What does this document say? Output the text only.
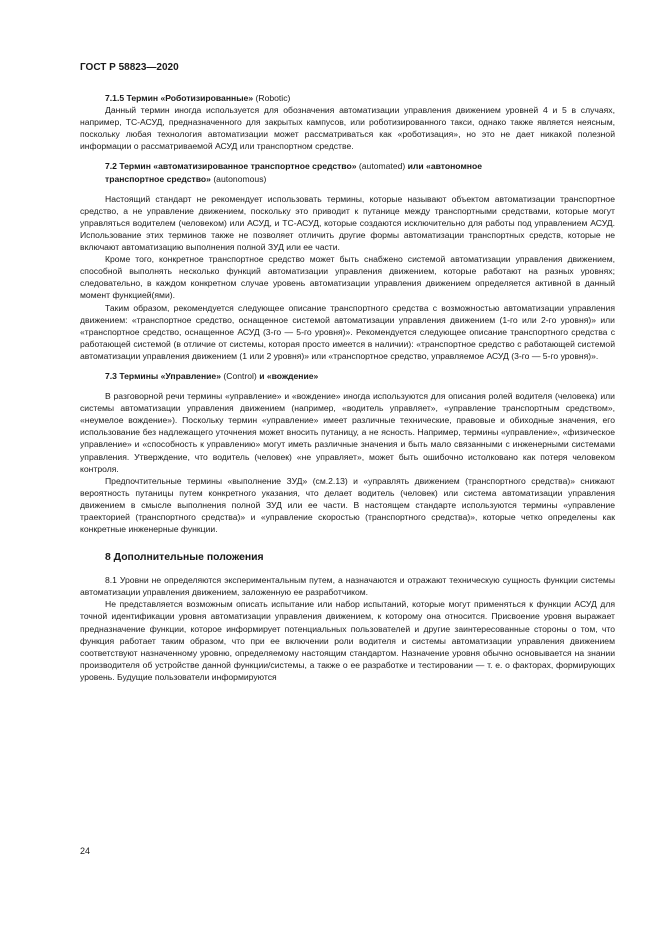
ГОСТ Р 58823—2020
7.1.5 Термин «Роботизированные» (Robotic)

Данный термин иногда используется для обозначения автоматизации управления движением уровней 4 и 5 в случаях, например, ТС-АСУД, предназначенного для закрытых кампусов, или роботизированного такси, однако также является неясным, поскольку любая технология автоматизации может рассматриваться как «роботизация», но это не дает никакой полезной информации о рассматриваемой АСУД или транспортном средстве.

7.2 Термин «автоматизированное транспортное средство» (automated) или «автономное
транспортное средство» (autonomous)

Настоящий стандарт не рекомендует использовать термины, которые называют объектом автоматизации транспортное средство, а не управление движением, поскольку это приводит к путанице между транспортными средствами, которые могут управляться водителем (человеком) или АСУД, и ТС-АСУД, которые создаются исключительно для работы под управлением АСУД. Использование этих терминов также не позволяет отличить другие формы автоматизации транспортных средств, которые не включают автоматизацию выполнения полной ЗУД или ее части.

Кроме того, конкретное транспортное средство может быть снабжено системой автоматизации управления движением, способной выполнять несколько функций автоматизации управления движением, которые работают на разных уровнях; следовательно, в каждом конкретном случае уровень автоматизации управления движением определяется активной в данный момент функцией(ями).

Таким образом, рекомендуется следующее описание транспортного средства с возможностью автоматизации управления движением: «транспортное средство, оснащенное системой автоматизации управления движением (1-го или 2-го уровня)» или «транспортное средство, оснащенное АСУД (3-го — 5-го уровня)». Рекомендуется следующее описание транспортного средства с работающей системой (в отличие от системы, которая просто имеется в наличии): «транспортное средство с работающей системой автоматизации управления движением (1 или 2 уровня)» или «транспортное средство, управляемое АСУД (3-го — 5-го уровня)».

7.3 Термины «Управление» (Control) и «вождение»

В разговорной речи термины «управление» и «вождение» иногда используются для описания ролей водителя (человека) или системы автоматизации управления движением (например, «водитель управляет», «управление транспортным средством», «неумелое вождение»). Поскольку термин «управление» имеет различные технические, правовые и обиходные значения, его использование без надлежащего уточнения может вносить путаницу, а не ясность. Например, термины «управление», «физическое управление» и «способность к управлению» могут иметь различные значения и быть мало связанными с инженерными системами управления. Утверждение, что водитель (человек) «не управляет», может быть ошибочно истолковано как потеря человеком контроля.

Предпочтительные термины «выполнение ЗУД» (см.2.13) и «управлять движением (транспортного средства)» снижают вероятность путаницы путем конкретного указания, что делает водитель (человек) или система автоматизации управления движением в смысле выполнения полной ЗУД или ее части. В настоящем стандарте используются термины «управление траекторией (транспортного средства)» и «управление скоростью (транспортного средства)», которые четко определены как конкретные инженерные функции.

8 Дополнительные положения

8.1 Уровни не определяются экспериментальным путем, а назначаются и отражают техническую сущность функции системы автоматизации управления движением, заложенную ее разработчиком.

Не представляется возможным описать испытание или набор испытаний, которые могут применяться к функции АСУД для точной идентификации уровня автоматизации управления движением, к которому она относится. Присвоение уровня выражает предназначение функции, которое информирует потенциальных пользователей и другие заинтересованные стороны о том, что функция работает таким образом, что при ее включении роли водителя и системы автоматизации управления движением соответствуют назначенному уровню, определяемому настоящим стандартом. Назначение уровня обычно основывается на знании производителя об устройстве данной функции/системы, а также о ее разработке и тестировании — т. е. о факторах, формирующих уровень. Будущие пользователи информируются

24
